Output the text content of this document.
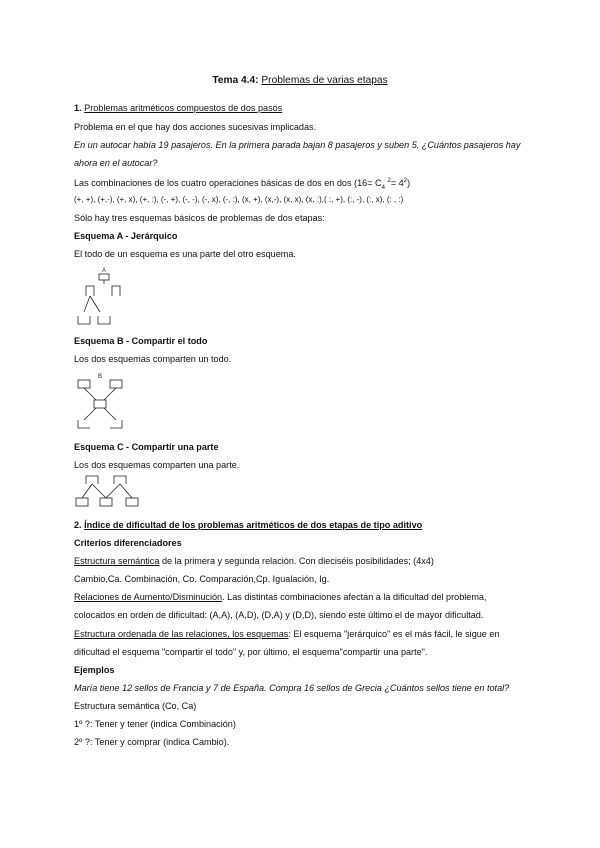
Tema 4.4: Problemas de varias etapas
1. Problemas aritméticos compuestos de dos pasos
Problema en el que hay dos acciones sucesivas implicadas.
En un autocar había 19 pasajeros. En la primera parada bajan 8 pasajeros y suben 5. ¿Cuántos pasajeros hay
ahora en el autocar?
Las combinaciones de los cuatro operaciones básicas de dos en dos ($16= C_4$ $^2= 4^2$)
(+, +), (+,-), (+, x), (+, :), (-, +), (-, -), (-, x), (-, :), (x, +), (x,-), (x, x), (x, :),( :, +), (:, -), (:, x), (: , :)
Sólo hay tres esquemas básicos de problemas de dos etapas:
Esquema A - Jerárquico
El todo de un esquema es una parte del otro esquema.
A
Esquema B - Compartir el todo
Los dos esquemas comparten un todo.
B
Esquema C - Compartir una parte
Los dos esquemas comparten una parte.
2. Índice de dificultad de los problemas aritméticos de dos etapas de tipo aditivo
Criterios diferenciadores
Estructura semántica de la primera y segunda relación. Con dieciséis posibilidades; (4x4)
Cambio,Ca. Combinación, Co. Comparación,Cp. Igualación, Ig.
Relaciones de Aumento/Disminución. Las distintas combinaciones afectan a la dificultad del problema,
colocados en orden de dificultad: (A,A), (A,D), (D,A) y (D,D), siendo este último el de mayor dificultad.
Estructura ordenada de las relaciones, los esquemas: El esquema "jerárquico" es el más fácil, le sigue en
dificultad el esquema "compartir el todo" y, por último, el esquema"compartir una parte".
Ejemplos
María tiene 12 sellos de Francia y 7 de España. Compra 16 sellos de Grecia ¿Cuántos sellos tiene en total?
Estructura semántica (Co, Ca)
1º ?: Tener y tener (indica Combinación)
2º ?: Tener y comprar (indica Cambio).
